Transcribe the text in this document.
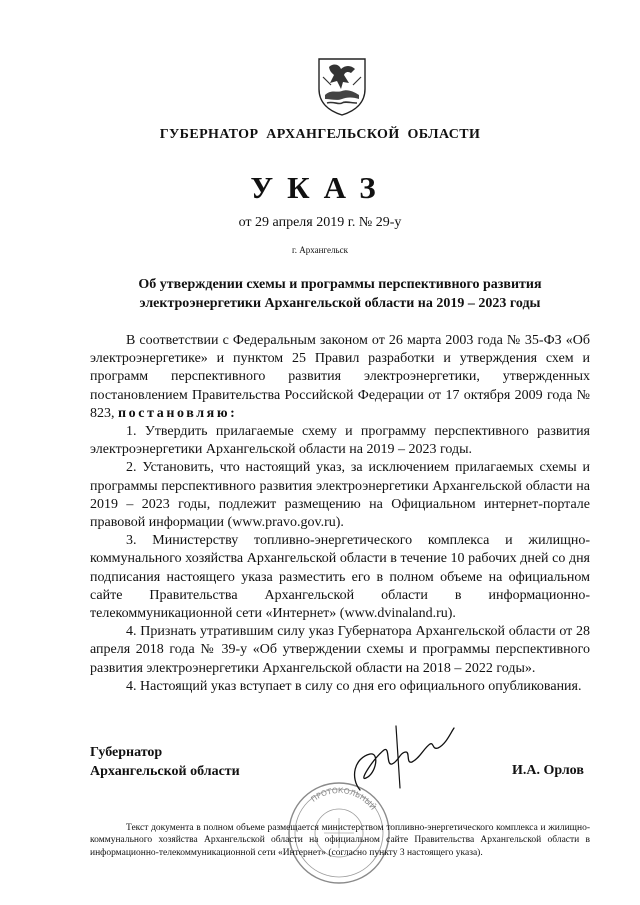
ГУБЕРНАТОР АРХАНГЕЛЬСКОЙ ОБЛАСТИ
УКАЗ
от 29 апреля 2019 г. № 29-у
г. Архангельск
Об утверждении схемы и программы перспективного развития
электроэнергетики Архангельской области на 2019 – 2023 годы

В соответствии с Федеральным законом от 26 марта 2003 года № 35-ФЗ «Об электроэнергетике» и пунктом 25 Правил разработки и утверждения схем и программ перспективного развития электроэнергетики, утвержденных постановлением Правительства Российской Федерации от 17 октября 2009 года № 823, постановляю:

1. Утвердить прилагаемые схему и программу перспективного развития электроэнергетики Архангельской области на 2019 – 2023 годы.

2. Установить, что настоящий указ, за исключением прилагаемых схемы и программы перспективного развития электроэнергетики Архангельской области на 2019 – 2023 годы, подлежит размещению на Официальном интернет-портале правовой информации (www.pravo.gov.ru).

3. Министерству топливно-энергетического комплекса и жилищно-коммунального хозяйства Архангельской области в течение 10 рабочих дней со дня подписания настоящего указа разместить его в полном объеме на официальном сайте Правительства Архангельской области в информационно-телекоммуникационной сети «Интернет» (www.dvinaland.ru).

4. Признать утратившим силу указ Губернатора Архангельской области от 28 апреля 2018 года № 39-у «Об утверждении схемы и программы перспективного развития электроэнергетики Архангельской области на 2018 – 2022 годы».

4. Настоящий указ вступает в силу со дня его официального опубликования.

ПРОТОКОЛЬНЫЙ
Губернатор
Архангельской области	И.А. Орлов

Текст документа в полном объеме размещается министерством топливно-энергетического комплекса и жилищно-коммунального хозяйства Архангельской области на официальном сайте Правительства Архангельской области в информационно-телекоммуникационной сети «Интернет» (согласно пункту 3 настоящего указа).
